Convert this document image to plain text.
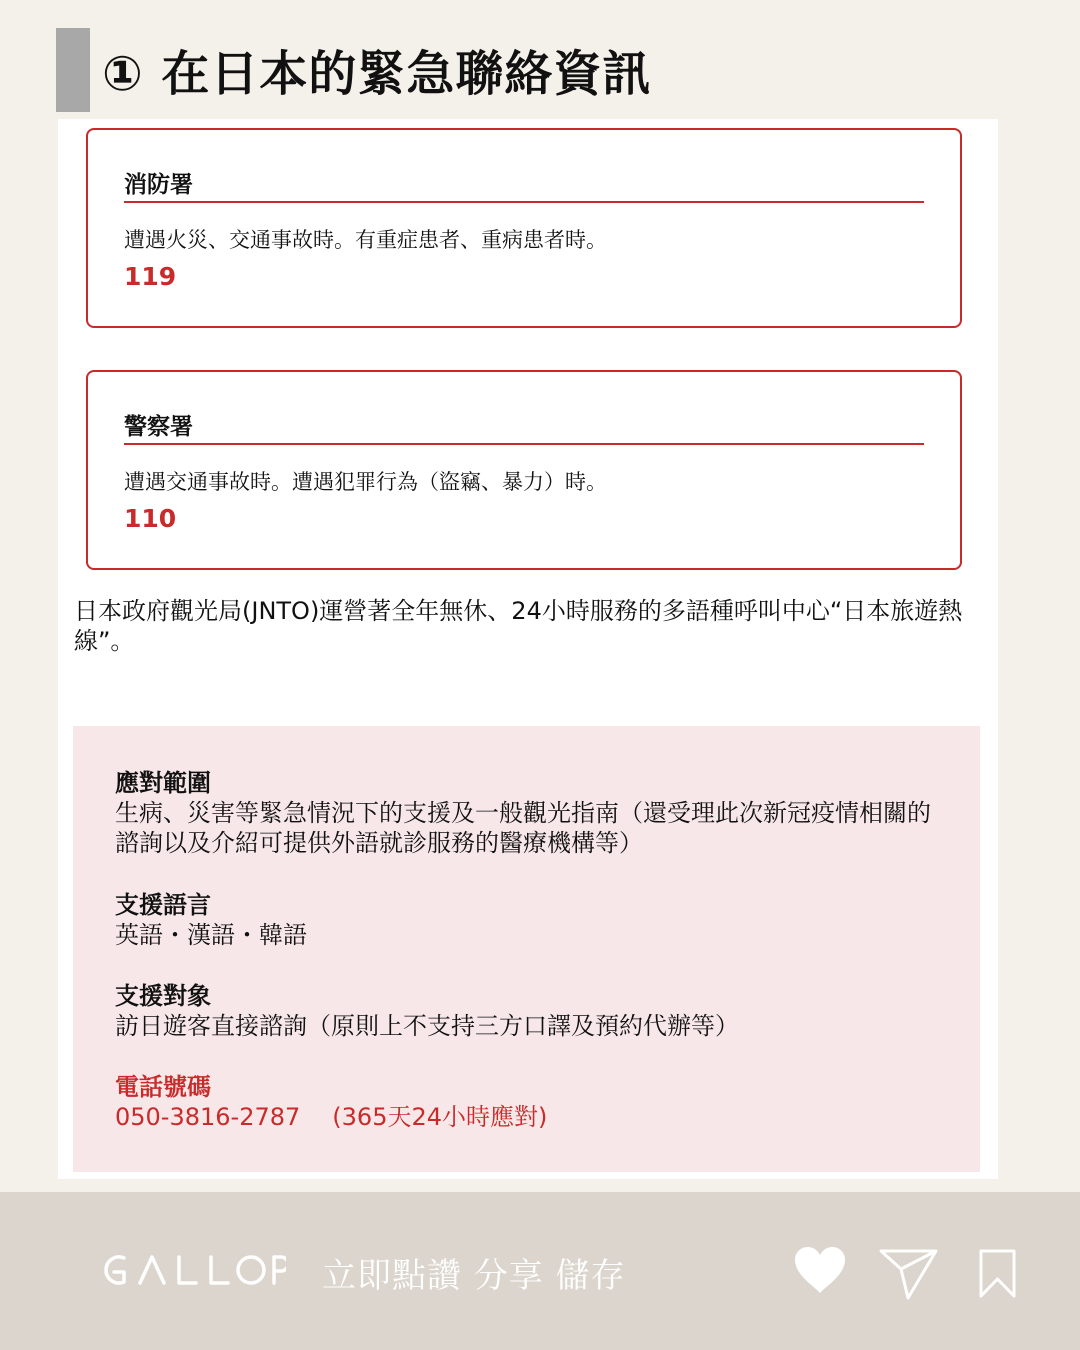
① 在日本的緊急聯絡資訊
消防署
遭遇火災、交通事故時。有重症患者、重病患者時。
119
警察署
遭遇交通事故時。遭遇犯罪行為（盜竊、暴力）時。
110
日本政府觀光局(JNTO)運營著全年無休、24小時服務的多語種呼叫中心“日本旅遊熱線”。
應對範圍
生病、災害等緊急情況下的支援及一般觀光指南（還受理此次新冠疫情相關的諮詢以及介紹可提供外語就診服務的醫療機構等）
支援語言
英語・漢語・韓語
支援對象
訪日遊客直接諮詢（原則上不支持三方口譯及預約代辦等）
電話號碼
050-3816-2787 (365天24小時應對)
立即點讚 分享 儲存
